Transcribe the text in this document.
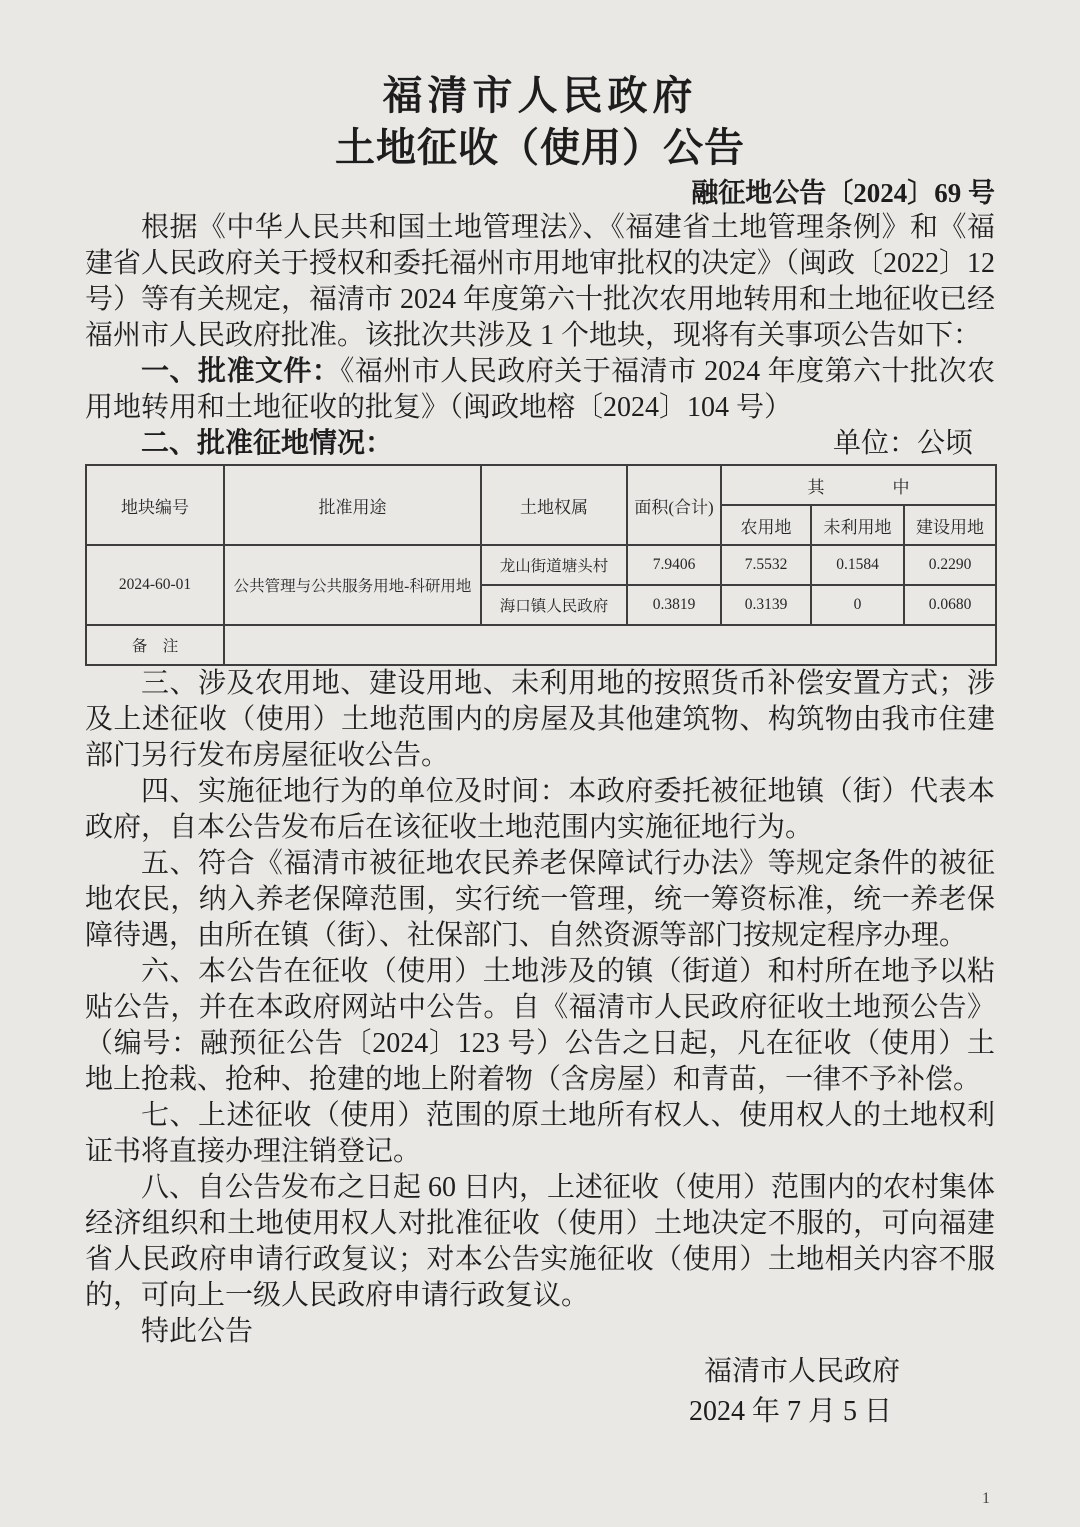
福清市人民政府
土地征收（使用）公告

融征地公告〔2024〕69 号

根据《中华人民共和国土地管理法》、《福建省土地管理条例》和《福建省人民政府关于授权和委托福州市用地审批权的决定》（闽政〔2022〕12 号）等有关规定，福清市 2024 年度第六十批次农用地转用和土地征收已经福州市人民政府批准。该批次共涉及 1 个地块，现将有关事项公告如下：

一、批准文件：《福州市人民政府关于福清市 2024 年度第六十批次农用地转用和土地征收的批复》（闽政地榕〔2024〕104 号）

二、批准征地情况：	单位：公顷
地块编号	批准用途	土地权属	面积(合计)	其　　　　中		
				农用地	未利用地	建设用地
2024-60-01	公共管理与公共服务用地-科研用地	龙山街道塘头村	7.9406	7.5532	0.1584	0.2290
		海口镇人民政府	0.3819	0.3139	0	0.0680
备　注						

三、涉及农用地、建设用地、未利用地的按照货币补偿安置方式；涉及上述征收（使用）土地范围内的房屋及其他建筑物、构筑物由我市住建部门另行发布房屋征收公告。

四、实施征地行为的单位及时间：本政府委托被征地镇（街）代表本政府，自本公告发布后在该征收土地范围内实施征地行为。

五、符合《福清市被征地农民养老保障试行办法》等规定条件的被征地农民，纳入养老保障范围，实行统一管理，统一筹资标准，统一养老保障待遇，由所在镇（街）、社保部门、自然资源等部门按规定程序办理。

六、本公告在征收（使用）土地涉及的镇（街道）和村所在地予以粘贴公告，并在本政府网站中公告。自《福清市人民政府征收土地预公告》（编号：融预征公告〔2024〕123 号）公告之日起，凡在征收（使用）土地上抢栽、抢种、抢建的地上附着物（含房屋）和青苗，一律不予补偿。

七、上述征收（使用）范围的原土地所有权人、使用权人的土地权利证书将直接办理注销登记。

八、自公告发布之日起 60 日内，上述征收（使用）范围内的农村集体经济组织和土地使用权人对批准征收（使用）土地决定不服的，可向福建省人民政府申请行政复议；对本公告实施征收（使用）土地相关内容不服的，可向上一级人民政府申请行政复议。

特此公告

福清市人民政府

2024 年 7 月 5 日

1
